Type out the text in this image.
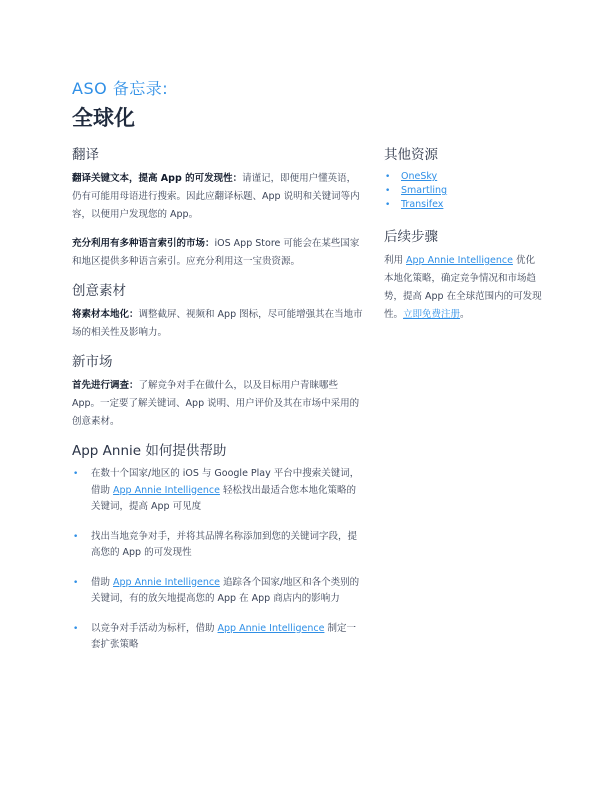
ASO 备忘录:
全球化
翻译

翻译关键文本，提高 App 的可发现性：请谨记，即便用户懂英语，仍有可能用母语进行搜索。因此应翻译标题、App 说明和关键词等内容，以便用户发现您的 App。

充分利用有多种语言索引的市场：iOS App Store 可能会在某些国家和地区提供多种语言索引。应充分利用这一宝贵资源。

创意素材

将素材本地化：调整截屏、视频和 App 图标，尽可能增强其在当地市场的相关性及影响力。

新市场

首先进行调查：了解竞争对手在做什么，以及目标用户青睐哪些 App。一定要了解关键词、App 说明、用户评价及其在市场中采用的创意素材。

App Annie 如何提供帮助
• 在数十个国家/地区的 iOS 与 Google Play 平台中搜索关键词，借助 App Annie Intelligence 轻松找出最适合您本地化策略的关键词，提高 App 可见度
• 找出当地竞争对手，并将其品牌名称添加到您的关键词字段，提高您的 App 的可发现性
• 借助 App Annie Intelligence 追踪各个国家/地区和各个类别的关键词，有的放矢地提高您的 App 在 App 商店内的影响力
• 以竞争对手活动为标杆，借助 App Annie Intelligence 制定一套扩张策略
其他资源
• OneSky
• Smartling
• Transifex
后续步骤

利用 App Annie Intelligence 优化本地化策略，确定竞争情况和市场趋势，提高 App 在全球范围内的可发现性。立即免费注册。
